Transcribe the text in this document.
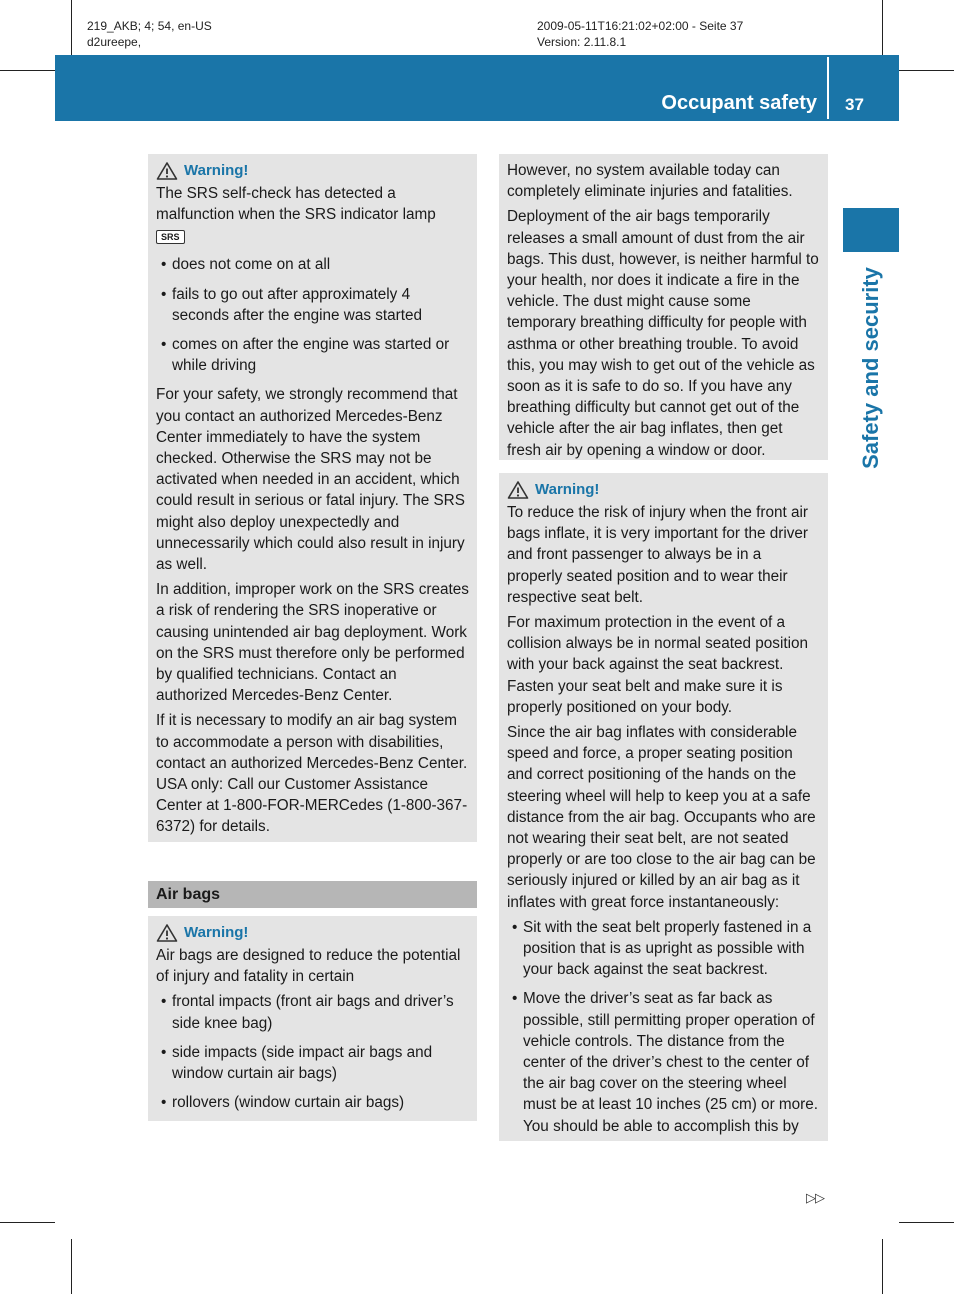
219_AKB; 4; 54, en-US
d2ureepe,
2009-05-11T16:21:02+02:00 - Seite 37
Version: 2.11.8.1
Occupant safety 37
Safety and security
Warning!

The SRS self-check has detected a malfunction when the SRS indicator lamp

SRS
• does not come on at all
• fails to go out after approximately 4 seconds after the engine was started
• comes on after the engine was started or while driving

For your safety, we strongly recommend that you contact an authorized Mercedes-Benz Center immediately to have the system checked. Otherwise the SRS may not be activated when needed in an accident, which could result in serious or fatal injury. The SRS might also deploy unexpectedly and unnecessarily which could also result in injury as well.

In addition, improper work on the SRS creates a risk of rendering the SRS inoperative or causing unintended air bag deployment. Work on the SRS must therefore only be performed by qualified technicians. Contact an authorized Mercedes-Benz Center.

If it is necessary to modify an air bag system to accommodate a person with disabilities, contact an authorized Mercedes-Benz Center. USA only: Call our Customer Assistance Center at 1-800-FOR-MERCedes (1-800-367-6372) for details.

Air bags
Warning!

Air bags are designed to reduce the potential of injury and fatality in certain

• frontal impacts (front air bags and driver’s side knee bag)
• side impacts (side impact air bags and window curtain air bags)
• rollovers (window curtain air bags)

However, no system available today can completely eliminate injuries and fatalities.

Deployment of the air bags temporarily releases a small amount of dust from the air bags. This dust, however, is neither harmful to your health, nor does it indicate a fire in the vehicle. The dust might cause some temporary breathing difficulty for people with asthma or other breathing trouble. To avoid this, you may wish to get out of the vehicle as soon as it is safe to do so. If you have any breathing difficulty but cannot get out of the vehicle after the air bag inflates, then get fresh air by opening a window or door.

Warning!

To reduce the risk of injury when the front air bags inflate, it is very important for the driver and front passenger to always be in a properly seated position and to wear their respective seat belt.

For maximum protection in the event of a collision always be in normal seated position with your back against the seat backrest. Fasten your seat belt and make sure it is properly positioned on your body.

Since the air bag inflates with considerable speed and force, a proper seating position and correct positioning of the hands on the steering wheel will help to keep you at a safe distance from the air bag. Occupants who are not wearing their seat belt, are not seated properly or are too close to the air bag can be seriously injured or killed by an air bag as it inflates with great force instantaneously:

• Sit with the seat belt properly fastened in a position that is as upright as possible with your back against the seat backrest.
• Move the driver’s seat as far back as possible, still permitting proper operation of vehicle controls. The distance from the center of the driver’s chest to the center of the air bag cover on the steering wheel must be at least 10 inches (25 cm) or more. You should be able to accomplish this by
▷▷
